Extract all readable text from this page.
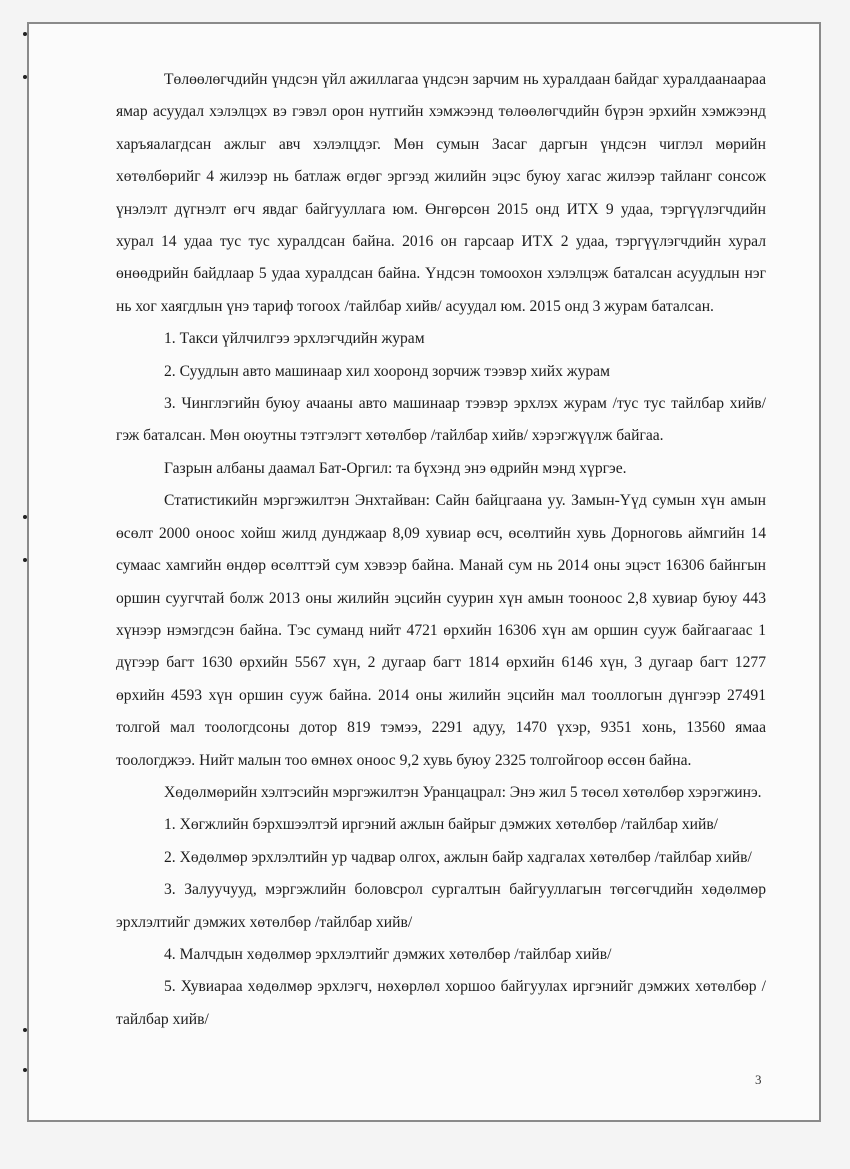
Төлөөлөгчдийн үндсэн үйл ажиллагаа үндсэн зарчим нь хуралдаан байдаг хуралдаанаараа ямар асуудал хэлэлцэх вэ гэвэл орон нутгийн хэмжээнд төлөөлөгчдийн бүрэн эрхийн хэмжээнд харъяалагдсан ажлыг авч хэлэлцдэг. Мөн сумын Засаг даргын үндсэн чиглэл мөрийн хөтөлбөрийг 4 жилээр нь батлаж өгдөг эргээд жилийн эцэс буюу хагас жилээр тайланг сонсож үнэлэлт дүгнэлт өгч явдаг байгууллага юм. Өнгөрсөн 2015 онд ИТХ 9 удаа, тэргүүлэгчдийн хурал 14 удаа тус тус хуралдсан байна. 2016 он гарсаар ИТХ 2 удаа, тэргүүлэгчдийн хурал өнөөдрийн байдлаар 5 удаа хуралдсан байна. Үндсэн томоохон хэлэлцэж баталсан асуудлын нэг нь хог хаягдлын үнэ тариф тогоох /тайлбар хийв/ асуудал юм. 2015 онд 3 журам баталсан.

1. Такси үйлчилгээ эрхлэгчдийн журам

2. Суудлын авто машинаар хил хооронд зорчиж тээвэр хийх журам

3. Чинглэгийн буюу ачааны авто машинаар тээвэр эрхлэх журам /тус тус тайлбар хийв/ гэж баталсан. Мөн оюутны тэтгэлэгт хөтөлбөр /тайлбар хийв/ хэрэгжүүлж байгаа.

Газрын албаны даамал Бат-Оргил: та бүхэнд энэ өдрийн мэнд хүргэе.

Статистикийн мэргэжилтэн Энхтайван: Сайн байцгаана уу. Замын-Үүд сумын хүн амын өсөлт 2000 оноос хойш жилд дунджаар 8,09 хувиар өсч, өсөлтийн хувь Дорноговь аймгийн 14 сумаас хамгийн өндөр өсөлттэй сум хэвээр байна. Манай сум нь 2014 оны эцэст 16306 байнгын оршин суугчтай болж 2013 оны жилийн эцсийн суурин хүн амын тооноос 2,8 хувиар буюу 443 хүнээр нэмэгдсэн байна. Тэс суманд нийт 4721 өрхийн 16306 хүн ам оршин сууж байгаагаас 1 дүгээр багт 1630 өрхийн 5567 хүн, 2 дугаар багт 1814 өрхийн 6146 хүн, 3 дугаар багт 1277 өрхийн 4593 хүн оршин сууж байна. 2014 оны жилийн эцсийн мал тооллогын дүнгээр 27491 толгой мал тоологдсоны дотор 819 тэмээ, 2291 адуу, 1470 үхэр, 9351 хонь, 13560 ямаа тоологджээ. Нийт малын тоо өмнөх оноос 9,2 хувь буюу 2325 толгойгоор өссөн байна.

Хөдөлмөрийн хэлтэсийн мэргэжилтэн Уранцацрал: Энэ жил 5 төсөл хөтөлбөр хэрэгжинэ.

1. Хөгжлийн бэрхшээлтэй иргэний ажлын байрыг дэмжих хөтөлбөр /тайлбар хийв/

2. Хөдөлмөр эрхлэлтийн ур чадвар олгох, ажлын байр хадгалах хөтөлбөр /тайлбар хийв/

3. Залуучууд, мэргэжлийн боловсрол сургалтын байгууллагын төгсөгчдийн хөдөлмөр эрхлэлтийг дэмжих хөтөлбөр /тайлбар хийв/

4. Малчдын хөдөлмөр эрхлэлтийг дэмжих хөтөлбөр /тайлбар хийв/

5. Хувиараа хөдөлмөр эрхлэгч, нөхөрлөл хоршоо байгуулах иргэнийг дэмжих хөтөлбөр /тайлбар хийв/

3
